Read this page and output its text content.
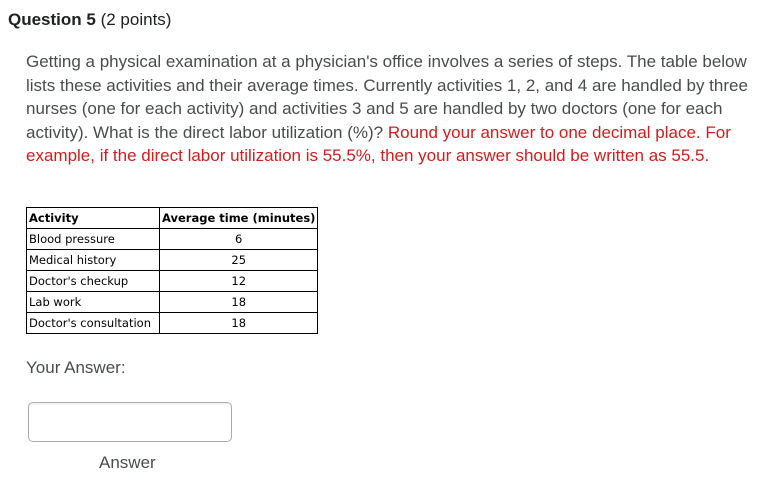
Question 5 (2 points)
Getting a physical examination at a physician's office involves a series of steps. The table below lists these activities and their average times. Currently activities 1, 2, and 4 are handled by three nurses (one for each activity) and activities 3 and 5 are handled by two doctors (one for each activity). What is the direct labor utilization (%)? Round your answer to one decimal place. For example, if the direct labor utilization is 55.5%, then your answer should be written as 55.5.
Activity	Average time (minutes)
Blood pressure	6
Medical history	25
Doctor's checkup	12
Lab work	18
Doctor's consultation	18
Your Answer:
Answer
